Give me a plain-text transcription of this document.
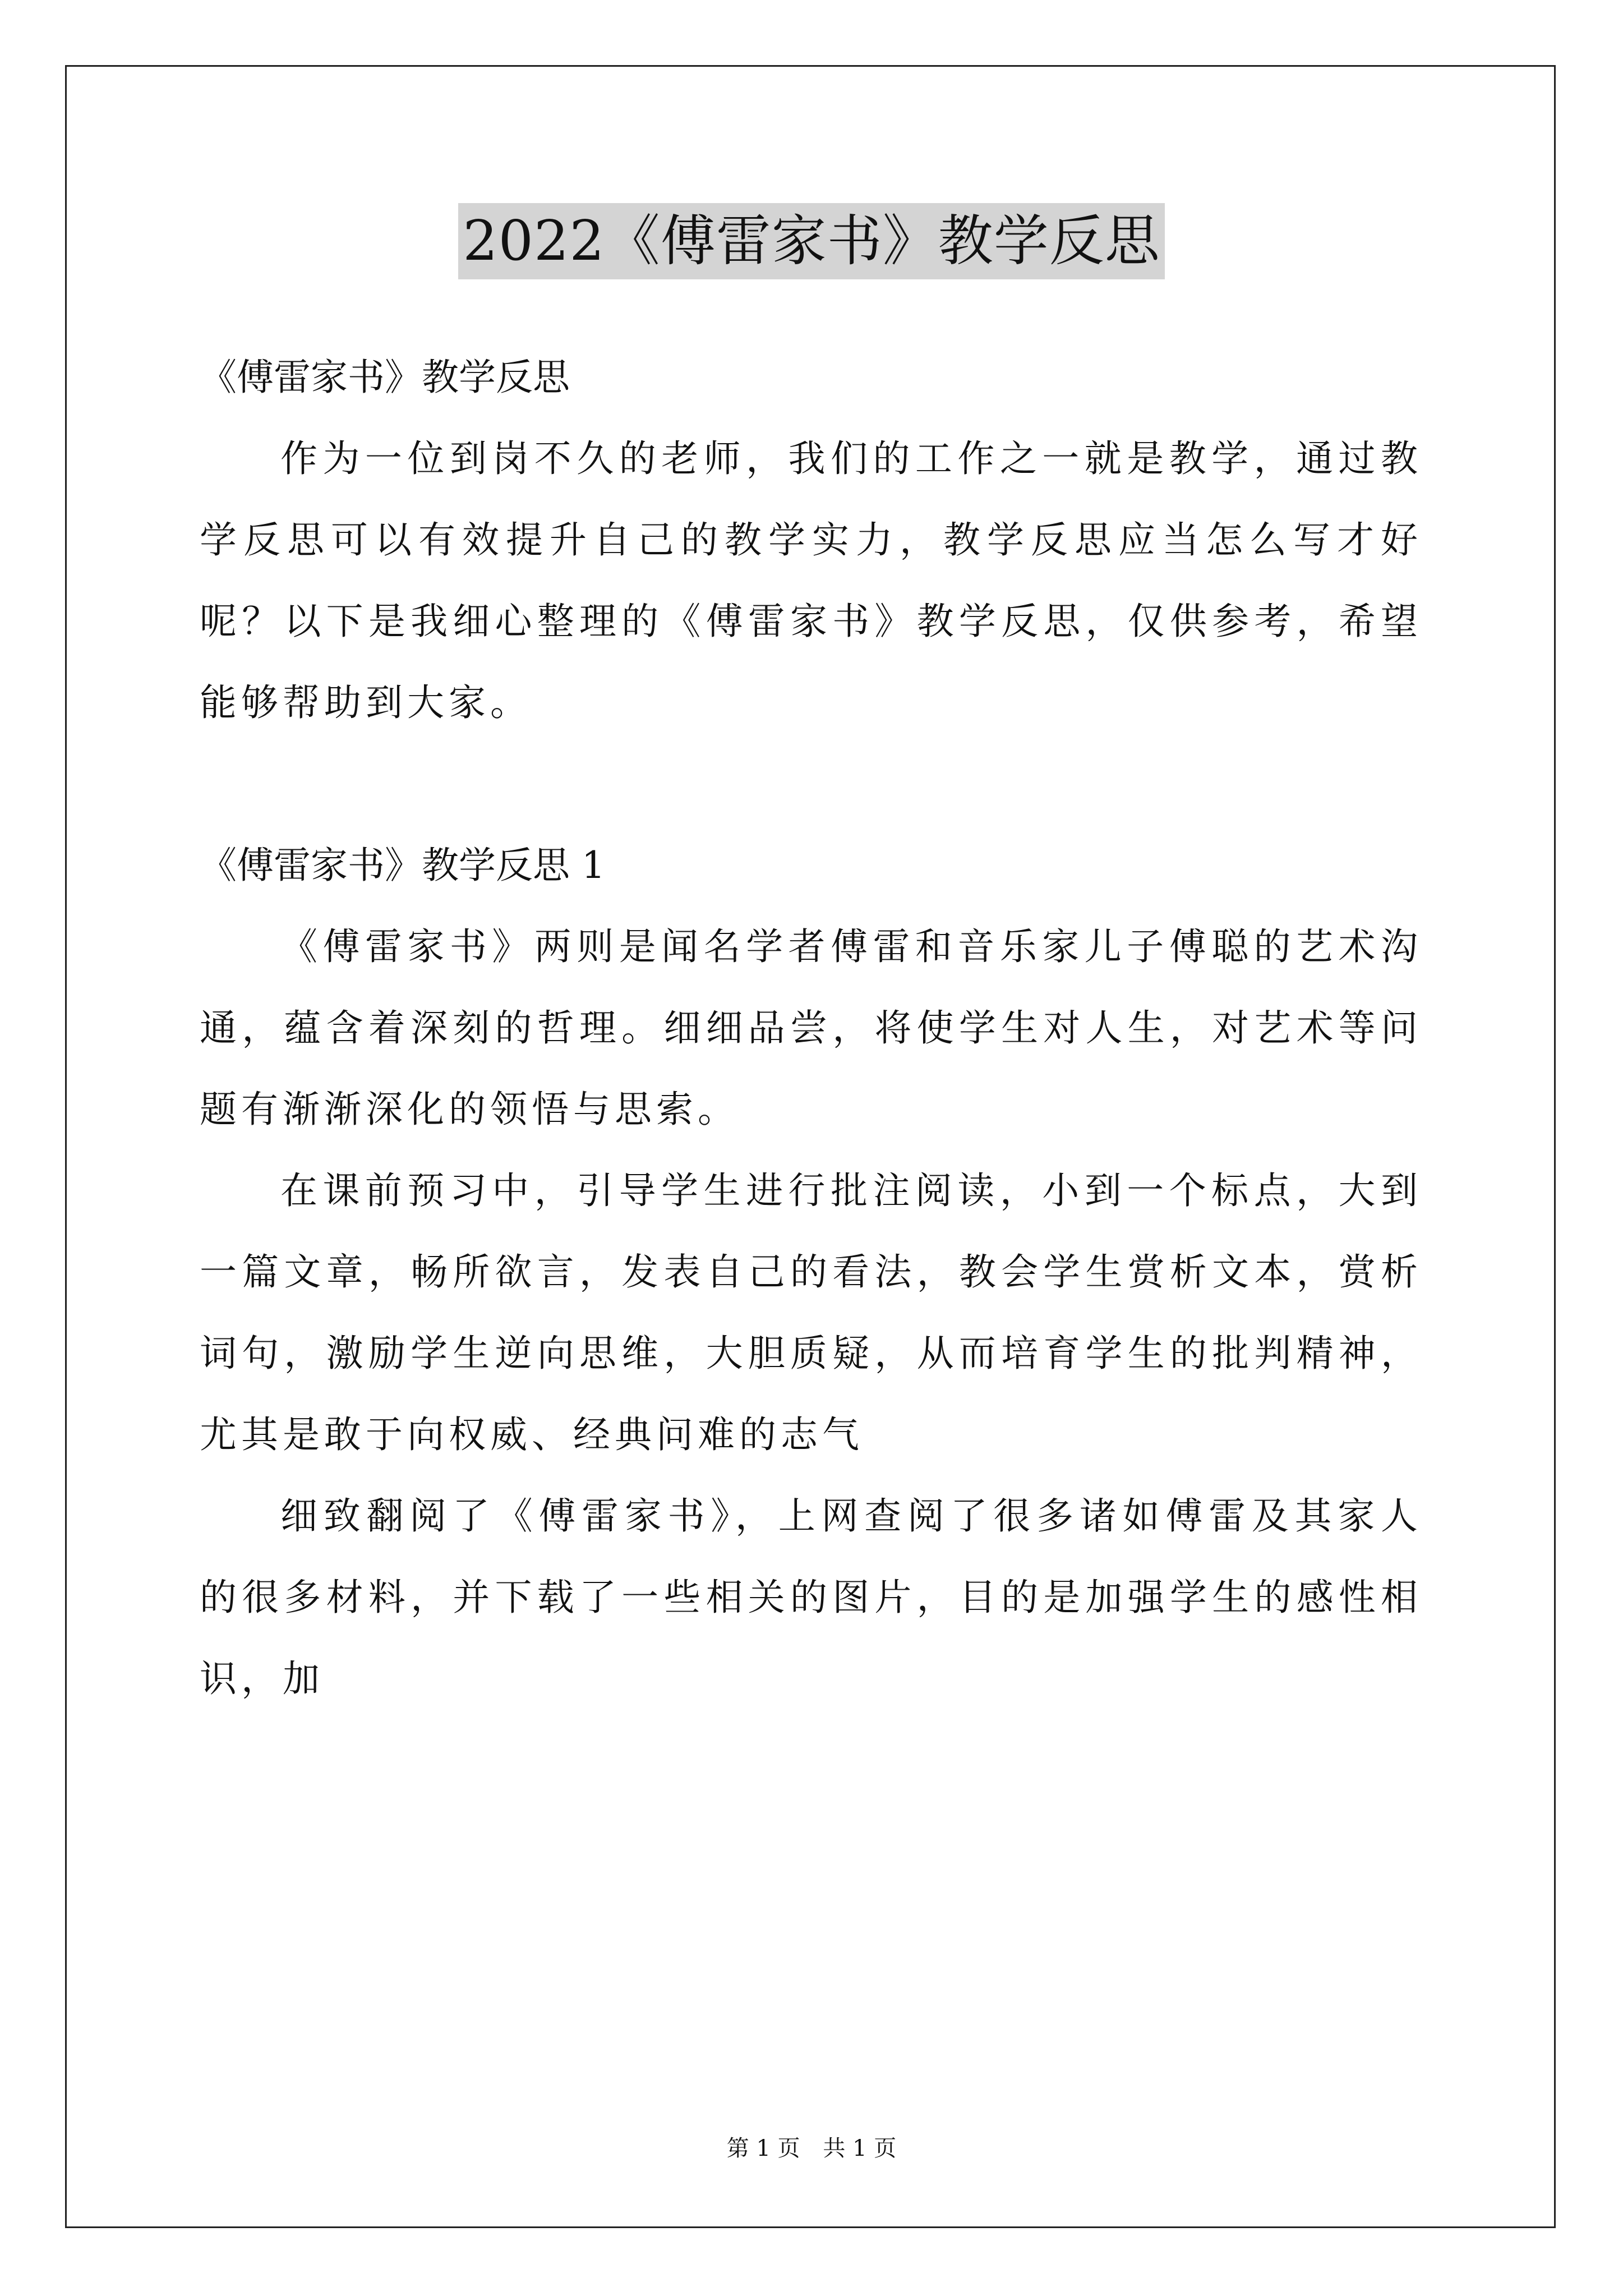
2022《傅雷家书》教学反思

《傅雷家书》教学反思

作为一位到岗不久的老师，我们的工作之一就是教学，通过教学反思可以有效提升自己的教学实力，教学反思应当怎么写才好呢？以下是我细心整理的《傅雷家书》教学反思，仅供参考，希望能够帮助到大家。

《傅雷家书》教学反思 1

《傅雷家书》两则是闻名学者傅雷和音乐家儿子傅聪的艺术沟通，蕴含着深刻的哲理。细细品尝，将使学生对人生，对艺术等问题有渐渐深化的领悟与思索。

在课前预习中，引导学生进行批注阅读，小到一个标点，大到一篇文章，畅所欲言，发表自己的看法，教会学生赏析文本，赏析词句，激励学生逆向思维，大胆质疑，从而培育学生的批判精神，尤其是敢于向权威、经典问难的志气

细致翻阅了《傅雷家书》，上网查阅了很多诸如傅雷及其家人的很多材料，并下载了一些相关的图片，目的是加强学生的感性相识，加

第 1 页 共 1 页
